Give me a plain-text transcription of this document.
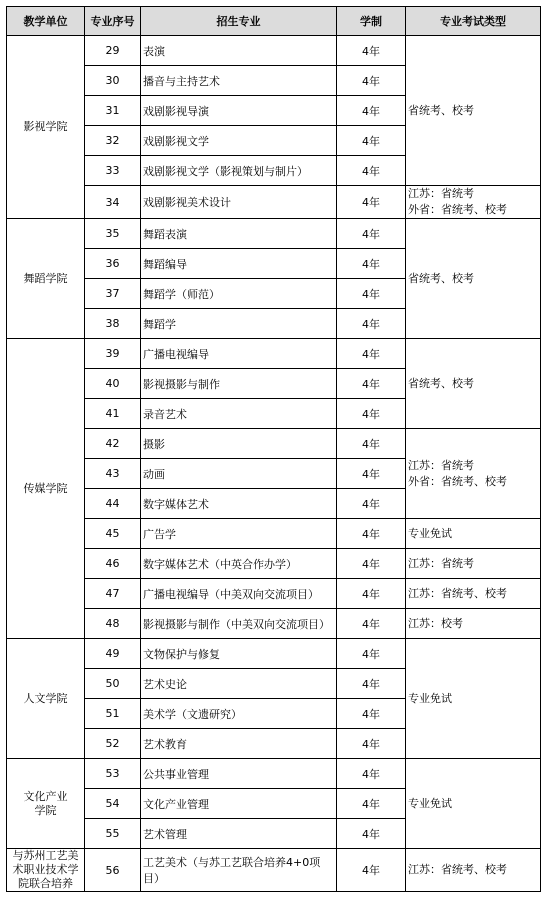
教学单位	专业序号	招生专业	学制	专业考试类型
影视学院	29	表演	4年	省统考、校考
	30	播音与主持艺术	4年	
	31	戏剧影视导演	4年	
	32	戏剧影视文学	4年	
	33	戏剧影视文学（影视策划与制片）	4年	
	34	戏剧影视美术设计	4年	江苏：省统考
外省：省统考、校考
舞蹈学院	35	舞蹈表演	4年	省统考、校考
	36	舞蹈编导	4年	
	37	舞蹈学（师范）	4年	
	38	舞蹈学	4年	
传媒学院	39	广播电视编导	4年	省统考、校考
	40	影视摄影与制作	4年	
	41	录音艺术	4年	
	42	摄影	4年	江苏：省统考
外省：省统考、校考
	43	动画	4年	
	44	数字媒体艺术	4年	
	45	广告学	4年	专业免试
	46	数字媒体艺术（中英合作办学）	4年	江苏：省统考
	47	广播电视编导（中美双向交流项目）	4年	江苏：省统考、校考
	48	影视摄影与制作（中美双向交流项目）	4年	江苏：校考
人文学院	49	文物保护与修复	4年	专业免试
	50	艺术史论	4年	
	51	美术学（文遗研究）	4年	
	52	艺术教育	4年	
文化产业
学院	53	公共事业管理	4年	专业免试
	54	文化产业管理	4年	
	55	艺术管理	4年	
与苏州工艺美术职业技术学院联合培养	56	工艺美术（与苏工艺联合培养4+0项目）	4年	江苏：省统考、校考
